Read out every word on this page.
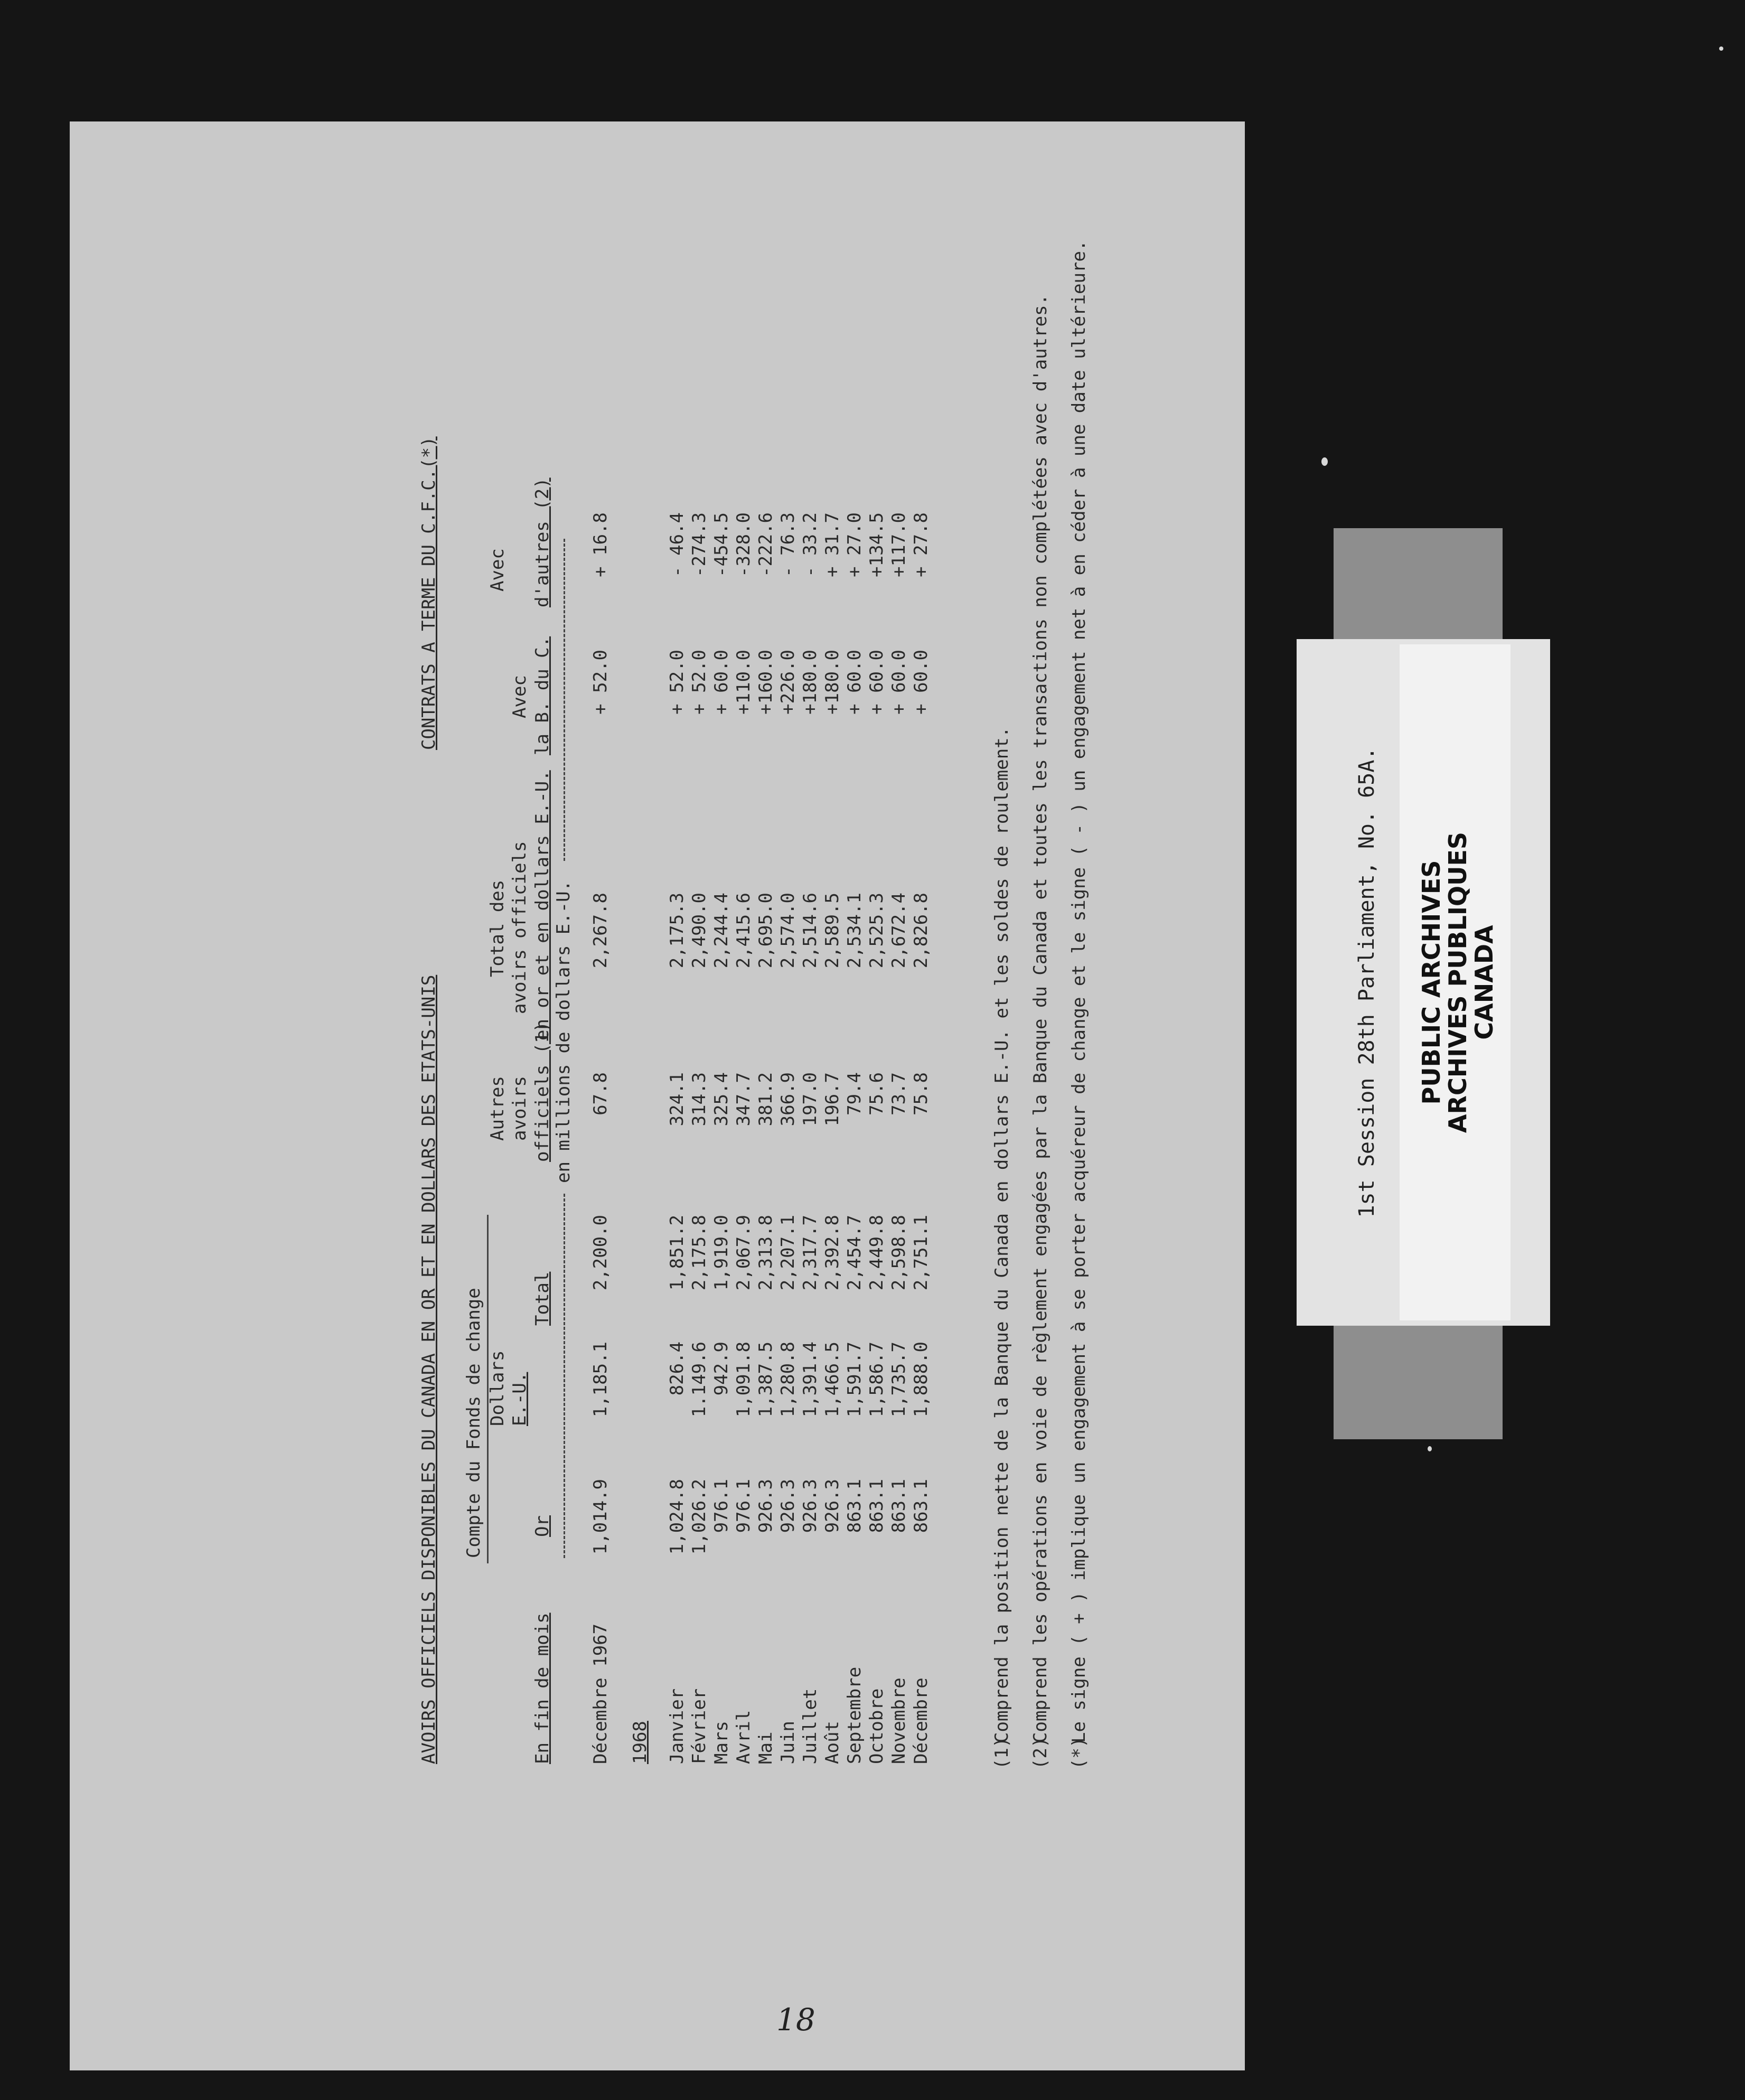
AVOIRS OFFICIELS DISPONIBLES DU CANADA EN OR ET EN DOLLARS DES ETATS-UNIS
CONTRATS A TERME DU C.F.C.(*)
Compte du Fonds de change Dollars E.-U.
Autres avoirs
Total des avoirs officiels
Avec
Avec
En fin de mois
Or
Total
officiels (1)
en or et en dollars E.-U.
la B. du C.
d'autres (2)
en millions de dollars E.-U.
Décembre 1967
1,014.9
1,185.1
2,200.0
67.8
2,267.8
+ 52.0
+ 16.8
1968 Janvier
1,024.8
826.4
1,851.2
324.1
2,175.3
+ 52.0
- 46.4
Février
1,026.2
1.149.6
2,175.8
314.3
2,490.0
+ 52.0
-274.3
Mars
976.1
942.9
1,919.0
325.4
2,244.4
+ 60.0
-454.5
Avril
976.1
1,091.8
2,067.9
347.7
2,415.6
+110.0
-328.0
Mai
926.3
1,387.5
2,313.8
381.2
2,695.0
+160.0
-222.6
Juin
926.3
1,280.8
2,207.1
366.9
2,574.0
+226.0
- 76.3
Juillet
926.3
1,391.4
2,317.7
197.0
2,514.6
+180.0
- 33.2
Août
926.3
1,466.5
2,392.8
196.7
2,589.5
+180.0
+ 31.7
Septembre
863.1
1,591.7
2,454.7
79.4
2,534.1
+ 60.0
+ 27.0
Octobre
863.1
1,586.7
2,449.8
75.6
2,525.3
+ 60.0
+134.5
Novembre
863.1
1,735.7
2,598.8
73.7
2,672.4
+ 60.0
+117.0
Décembre
863.1
1,888.0
2,751.1
75.8
2,826.8
+ 60.0
+ 27.8
(1)
Comprend la position nette de la Banque du Canada en dollars E.-U. et les soldes de roulement.
(2)
Comprend les opérations en voie de règlement engagées par la Banque du Canada et toutes les transactions non complétées avec d'autres.
(*)
Le signe ( + ) implique un engagement à se porter acquéreur de change et le signe ( - ) un engagement net à en céder à une date ultérieure.
18
1st Session 28th Parliament, No. 65A. PUBLIC ARCHIVES
ARCHIVES PUBLIQUES
CANADA
